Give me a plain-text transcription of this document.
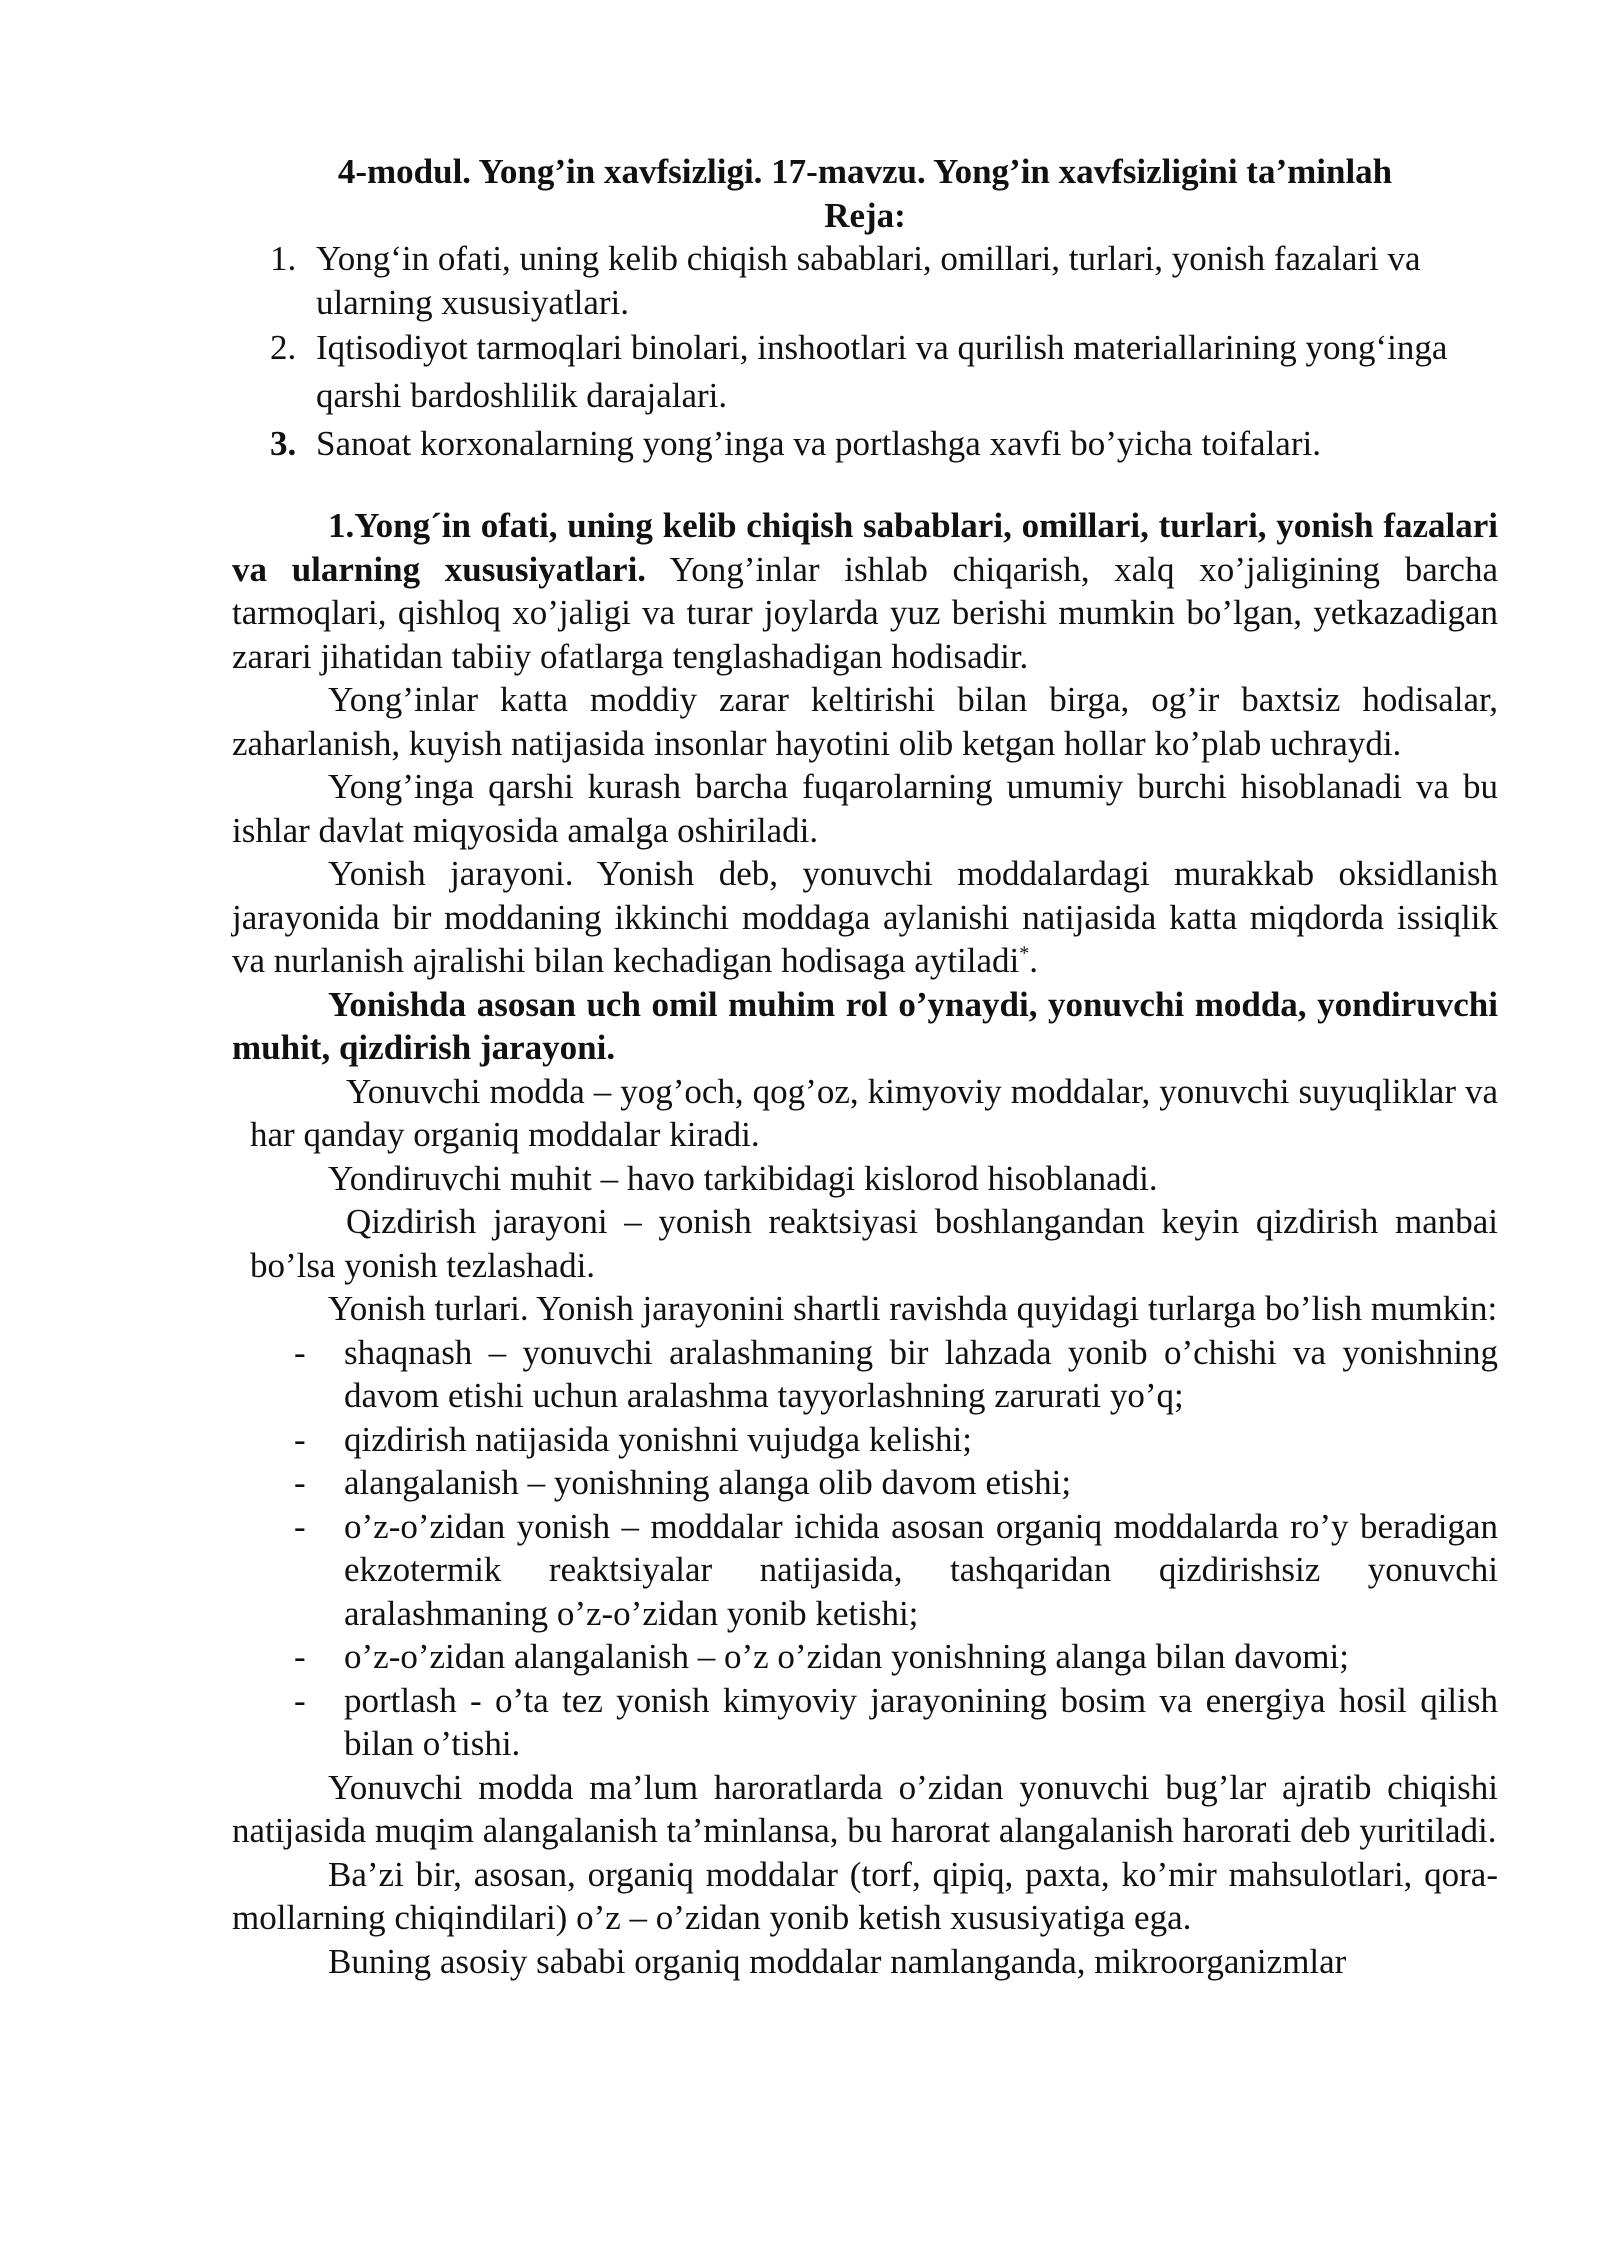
4-modul. Yong’in xavfsizligi. 17-mavzu. Yong’in xavfsizligini ta’minlah
Reja:
1. Yong‘in ofati, uning kelib chiqish sabablari, omillari, turlari, yonish fazalari va ularning xususiyatlari.
2. Iqtisodiyot tarmoqlari binolari, inshootlari va qurilish materiallarining yong‘inga qarshi bardoshlilik darajalari.
3. Sanoat korxonalarning yong’inga va portlashga xavfi bo’yicha toifalari.

1.Yong´in ofati, uning kelib chiqish sabablari, omillari, turlari, yonish fazalari va ularning xususiyatlari. Yong’inlar ishlab chiqarish, xalq xo’jaligining barcha tarmoqlari, qishloq xo’jaligi va turar joylarda yuz berishi mumkin bo’lgan, yetkazadigan zarari jihatidan tabiiy ofatlarga tenglashadigan hodisadir.

Yong’inlar katta moddiy zarar keltirishi bilan birga, og’ir baxtsiz hodisalar, zaharlanish, kuyish natijasida insonlar hayotini olib ketgan hollar ko’plab uchraydi.

Yong’inga qarshi kurash barcha fuqarolarning umumiy burchi hisoblanadi va bu ishlar davlat miqyosida amalga oshiriladi.

Yonish jarayoni. Yonish deb, yonuvchi moddalardagi murakkab oksidlanish jarayonida bir moddaning ikkinchi moddaga aylanishi natijasida katta miqdorda issiqlik va nurlanish ajralishi bilan kechadigan hodisaga aytiladi*.

Yonishda asosan uch omil muhim rol o’ynaydi, yonuvchi modda, yondiruvchi muhit, qizdirish jarayoni.

Yonuvchi modda – yog’och, qog’oz, kimyoviy moddalar, yonuvchi suyuqliklar va har qanday organiq moddalar kiradi.

Yondiruvchi muhit – havo tarkibidagi kislorod hisoblanadi.

Qizdirish jarayoni – yonish reaktsiyasi boshlangandan keyin qizdirish manbai bo’lsa yonish tezlashadi.

Yonish turlari. Yonish jarayonini shartli ravishda quyidagi turlarga bo’lish mumkin:

- shaqnash – yonuvchi aralashmaning bir lahzada yonib o’chishi va yonishning davom etishi uchun aralashma tayyorlashning zarurati yo’q;
- qizdirish natijasida yonishni vujudga kelishi;
- alangalanish – yonishning alanga olib davom etishi;
- o’z-o’zidan yonish – moddalar ichida asosan organiq moddalarda ro’y beradigan ekzotermik reaktsiyalar natijasida, tashqaridan qizdirishsiz yonuvchi aralashmaning o’z-o’zidan yonib ketishi;
- o’z-o’zidan alangalanish – o’z o’zidan yonishning alanga bilan davomi;
- portlash - o’ta tez yonish kimyoviy jarayonining bosim va energiya hosil qilish bilan o’tishi.

Yonuvchi modda ma’lum haroratlarda o’zidan yonuvchi bug’lar ajratib chiqishi natijasida muqim alangalanish ta’minlansa, bu harorat alangalanish harorati deb yuritiladi.

Ba’zi bir, asosan, organiq moddalar (torf, qipiq, paxta, ko’mir mahsulotlari, qora-mollarning chiqindilari) o’z – o’zidan yonib ketish xususiyatiga ega.

Buning asosiy sababi organiq moddalar namlanganda, mikroorganizmlar
